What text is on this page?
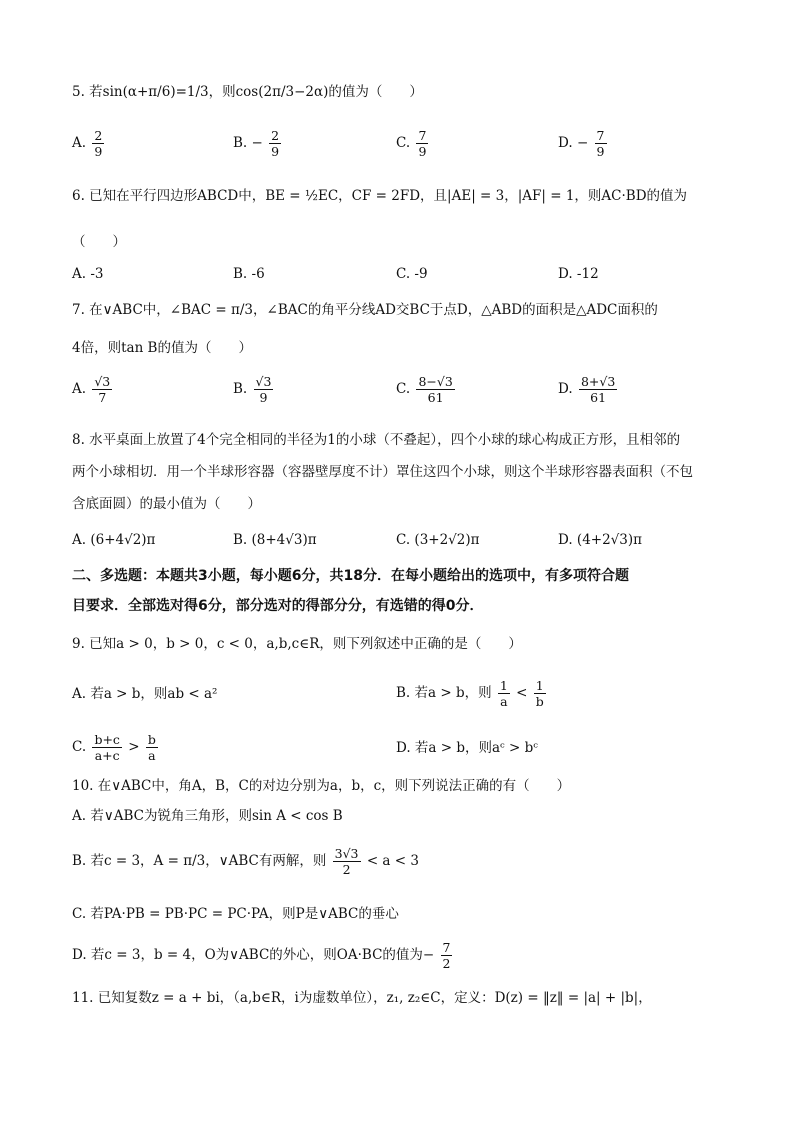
5. 若sin(α+π/6)=1/3，则cos(2π/3−2α)的值为（　　）
A. $\frac{2}{9}$	B. − $\frac{2}{9}$	C. $\frac{7}{9}$	D. − $\frac{7}{9}$
6. 已知在平行四边形ABCD中，BE = ½EC，CF = 2FD，且|AE| = 3，|AF| = 1，则AC·BD的值为
（　　）
A. -3	B. -6	C. -9	D. -12
7. 在∨ABC中，∠BAC = π/3，∠BAC的角平分线AD交BC于点D，△ABD的面积是△ADC面积的
4倍，则tan B的值为（　　）
A. $\frac{√3}{7}$	B. $\frac{√3}{9}$	C. $\frac{8-√3}{61}$	D. $\frac{8+√3}{61}$
8. 水平桌面上放置了4个完全相同的半径为1的小球（不叠起），四个小球的球心构成正方形，且相邻的
两个小球相切．用一个半球形容器（容器壁厚度不计）罩住这四个小球，则这个半球形容器表面积（不包
含底面圆）的最小值为（　　）
A. (6+4√2)π	B. (8+4√3)π	C. (3+2√2)π	D. (4+2√3)π
二、多选题：本题共3小题，每小题6分，共18分．在每小题给出的选项中，有多项符合题
目要求．全部选对得6分，部分选对的得部分分，有选错的得0分．
9. 已知a > 0，b > 0，c < 0，a,b,c∈R，则下列叙述中正确的是（　　）
A. 若a > b，则ab < a²	B. 若a > b，则 $\frac{1}{a} < \frac{1}{b}$
C. $\frac{b+c}{a+c} > \frac{b}{a}$	D. 若a > b，则aᶜ > bᶜ
10. 在∨ABC中，角A，B，C的对边分别为a，b，c，则下列说法正确的有（　　）
A. 若∨ABC为锐角三角形，则sin A < cos B
B. 若c = 3，A = π/3，∨ABC有两解，则 $\frac{3√3}{2} < a < 3$
C. 若PA·PB = PB·PC = PC·PA，则P是∨ABC的垂心
D. 若c = 3，b = 4，O为∨ABC的外心，则OA·BC的值为− $\frac{7}{2}$
11. 已知复数z = a + bi，（a,b∈R，i为虚数单位），z₁, z₂∈C，定义：D(z) = ‖z‖ = |a| + |b|，
